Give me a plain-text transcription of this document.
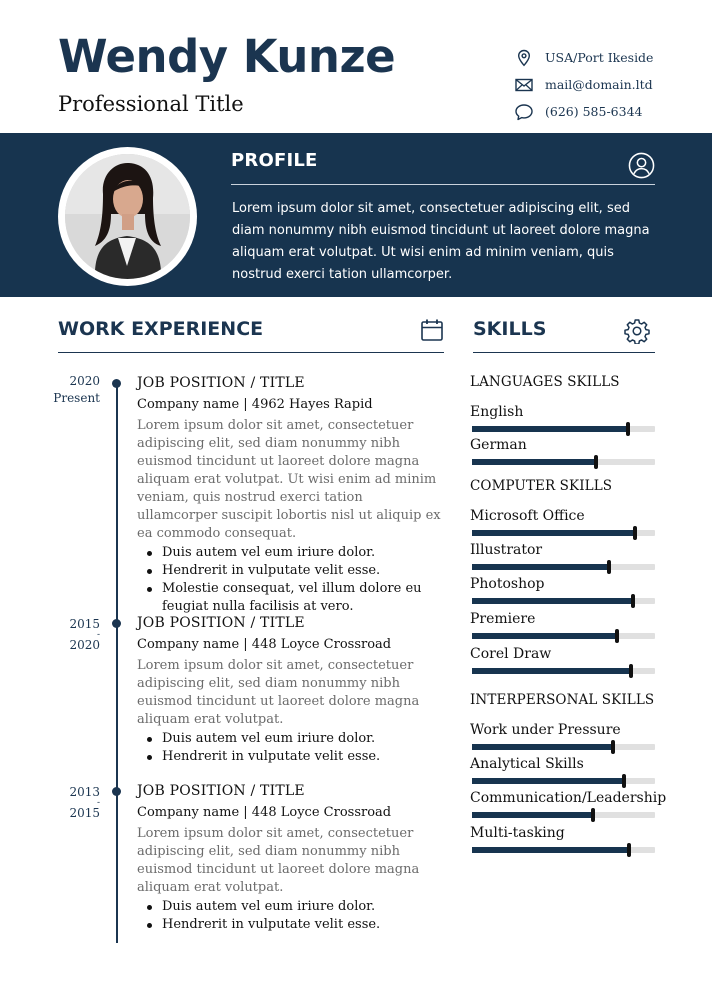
Wendy Kunze
Professional Title
USA/Port Ikeside
mail@domain.ltd
(626) 585-6344
PROFILE
Lorem ipsum dolor sit amet, consectetuer adipiscing elit, sed diam nonummy nibh euismod tincidunt ut laoreet dolore magna aliquam erat volutpat. Ut wisi enim ad minim veniam, quis nostrud exerci tation ullamcorper.
WORK EXPERIENCE
2020
Present
JOB POSITION / TITLE
Company name | 4962 Hayes Rapid
Lorem ipsum dolor sit amet, consectetuer adipiscing elit, sed diam nonummy nibh euismod tincidunt ut laoreet dolore magna aliquam erat volutpat. Ut wisi enim ad minim veniam, quis nostrud exerci tation ullamcorper suscipit lobortis nisl ut aliquip ex ea commodo consequat.
Duis autem vel eum iriure dolor.
Hendrerit in vulputate velit esse.
Molestie consequat, vel illum dolore eu feugiat nulla facilisis at vero.
2015
-
2020
JOB POSITION / TITLE
Company name | 448 Loyce Crossroad
Lorem ipsum dolor sit amet, consectetuer adipiscing elit, sed diam nonummy nibh euismod tincidunt ut laoreet dolore magna aliquam erat volutpat.
Duis autem vel eum iriure dolor.
Hendrerit in vulputate velit esse.
2013
-
2015
JOB POSITION / TITLE
Company name | 448 Loyce Crossroad
Lorem ipsum dolor sit amet, consectetuer adipiscing elit, sed diam nonummy nibh euismod tincidunt ut laoreet dolore magna aliquam erat volutpat.
Duis autem vel eum iriure dolor.
Hendrerit in vulputate velit esse.
SKILLS
LANGUAGES SKILLS
English
German
COMPUTER SKILLS
Microsoft Office
Illustrator
Photoshop
Premiere
Corel Draw
INTERPERSONAL SKILLS
Work under Pressure
Analytical Skills
Communication/Leadership
Multi-tasking
